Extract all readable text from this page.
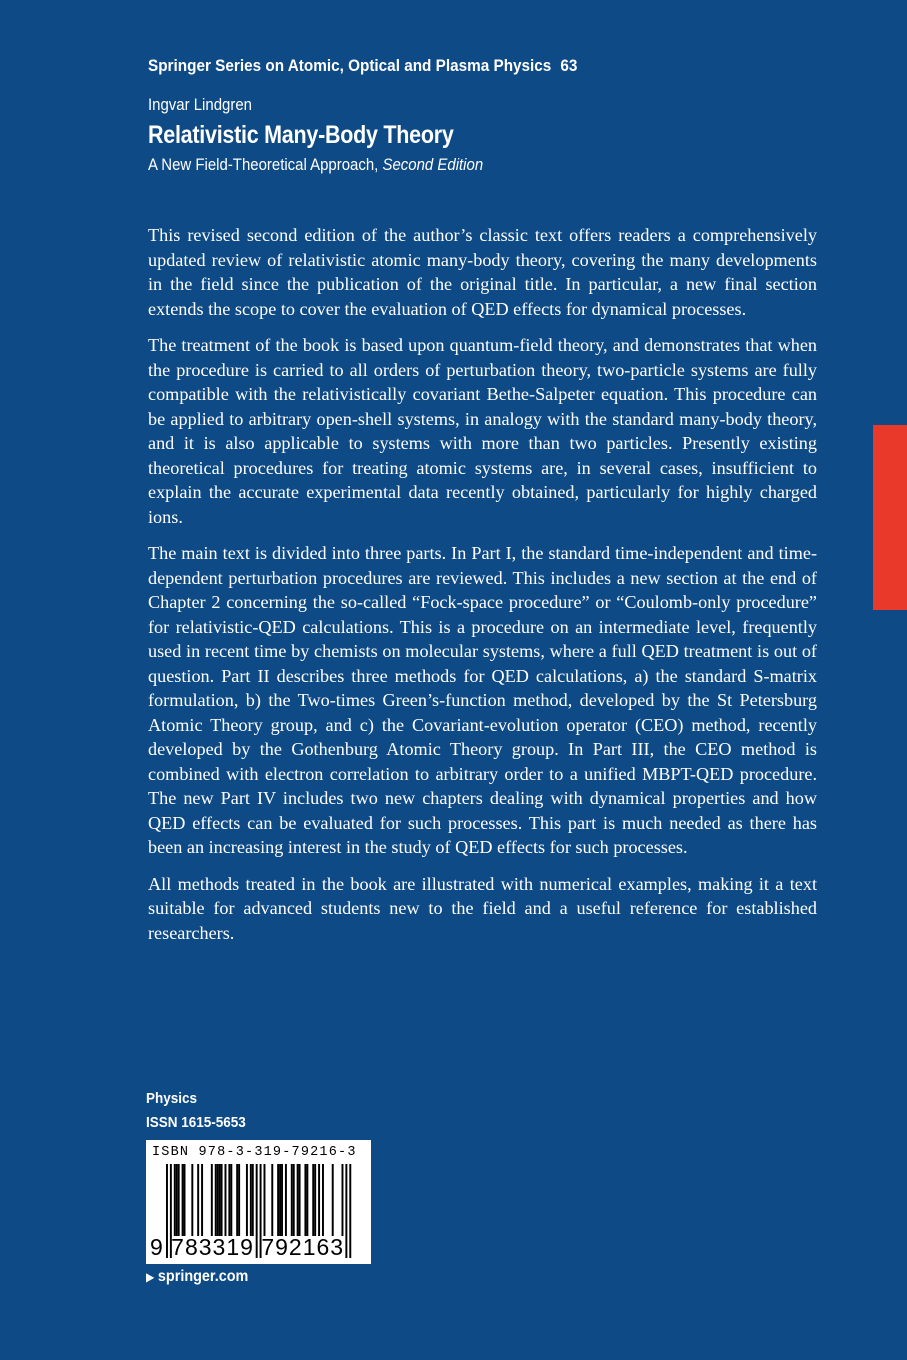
Springer Series on Atomic, Optical and Plasma Physics 63
Ingvar Lindgren
Relativistic Many-Body Theory
A New Field-Theoretical Approach, Second Edition

This revised second edition of the author’s classic text offers readers a comprehensively updated review of relativistic atomic many-body theory, covering the many developments in the field since the publication of the original title. In particular, a new final section extends the scope to cover the evaluation of QED effects for dynamical processes.

The treatment of the book is based upon quantum-field theory, and demonstrates that when the procedure is carried to all orders of perturbation theory, two-particle systems are fully compatible with the relativistically covariant Bethe-Salpeter equation. This procedure can be applied to arbitrary open-shell systems, in analogy with the standard many-body theory, and it is also applicable to systems with more than two particles. Presently existing theoretical procedures for treating atomic systems are, in several cases, insufficient to explain the accurate experimental data recently obtained, particularly for highly charged ions.

The main text is divided into three parts. In Part I, the standard time-independent and time-dependent perturbation procedures are reviewed. This includes a new section at the end of Chapter 2 concerning the so-called “Fock-space procedure” or “Coulomb-only procedure” for relativistic-QED calculations. This is a procedure on an intermediate level, frequently used in recent time by chemists on molecular systems, where a full QED treatment is out of question. Part II describes three methods for QED calculations, a) the standard S-matrix formulation, b) the Two-times Green’s-function method, developed by the St Petersburg Atomic Theory group, and c) the Covariant-evolution operator (CEO) method, recently developed by the Gothenburg Atomic Theory group. In Part III, the CEO method is combined with electron correlation to arbitrary order to a unified MBPT-QED procedure. The new Part IV includes two new chapters dealing with dynamical properties and how QED effects can be evaluated for such processes. This part is much needed as there has been an increasing interest in the study of QED effects for such processes.

All methods treated in the book are illustrated with numerical examples, making it a text suitable for advanced students new to the field and a useful reference for established researchers.

Physics
ISSN 1615-5653
ISBN 978-3-319-79216-3
9 783319 792163
▶ springer.com
